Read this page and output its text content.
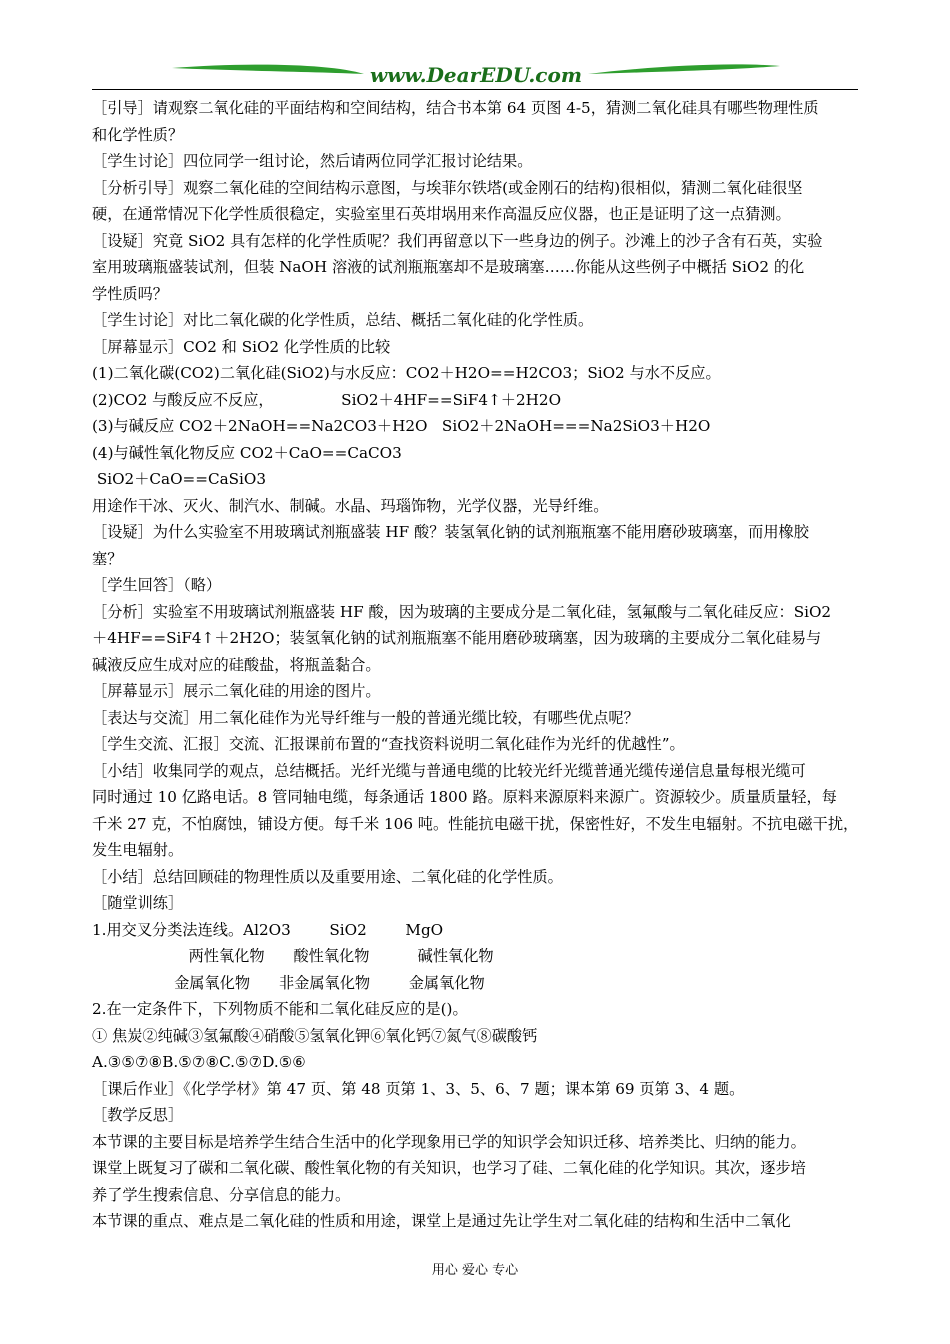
www.DearEDU.com

［引导］请观察二氧化硅的平面结构和空间结构，结合书本第 64 页图 4-5，猜测二氧化硅具有哪些物理性质

和化学性质？

［学生讨论］四位同学一组讨论，然后请两位同学汇报讨论结果。

［分析引导］观察二氧化硅的空间结构示意图，与埃菲尔铁塔(或金刚石的结构)很相似，猜测二氧化硅很坚

硬，在通常情况下化学性质很稳定，实验室里石英坩埚用来作高温反应仪器，也正是证明了这一点猜测。

［设疑］究竟 SiO2 具有怎样的化学性质呢？我们再留意以下一些身边的例子。沙滩上的沙子含有石英，实验

室用玻璃瓶盛装试剂，但装 NaOH 溶液的试剂瓶瓶塞却不是玻璃塞……你能从这些例子中概括 SiO2 的化

学性质吗？

［学生讨论］对比二氧化碳的化学性质，总结、概括二氧化硅的化学性质。

［屏幕显示］CO2 和 SiO2 化学性质的比较

(1)二氧化碳(CO2)二氧化硅(SiO2)与水反应：CO2＋H2O==H2CO3；SiO2 与水不反应。

(2)CO2 与酸反应不反应，              SiO2＋4HF==SiF4↑＋2H2O

(3)与碱反应 CO2＋2NaOH==Na2CO3＋H2O   SiO2＋2NaOH===Na2SiO3＋H2O

(4)与碱性氧化物反应 CO2＋CaO==CaCO3

SiO2＋CaO==CaSiO3

用途作干冰、灭火、制汽水、制碱。水晶、玛瑙饰物，光学仪器，光导纤维。

［设疑］为什么实验室不用玻璃试剂瓶盛装 HF 酸？装氢氧化钠的试剂瓶瓶塞不能用磨砂玻璃塞，而用橡胶

塞？

［学生回答］（略）

［分析］实验室不用玻璃试剂瓶盛装 HF 酸，因为玻璃的主要成分是二氧化硅，氢氟酸与二氧化硅反应：SiO2

＋4HF==SiF4↑＋2H2O；装氢氧化钠的试剂瓶瓶塞不能用磨砂玻璃塞，因为玻璃的主要成分二氧化硅易与

碱液反应生成对应的硅酸盐，将瓶盖黏合。

［屏幕显示］展示二氧化硅的用途的图片。

［表达与交流］用二氧化硅作为光导纤维与一般的普通光缆比较，有哪些优点呢？

［学生交流、汇报］交流、汇报课前布置的“查找资料说明二氧化硅作为光纤的优越性”。

［小结］收集同学的观点，总结概括。光纤光缆与普通电缆的比较光纤光缆普通光缆传递信息量每根光缆可

同时通过 10 亿路电话。8 管同轴电缆，每条通话 1800 路。原料来源原料来源广。资源较少。质量质量轻，每

千米 27 克，不怕腐蚀，铺设方便。每千米 106 吨。性能抗电磁干扰，保密性好，不发生电辐射。不抗电磁干扰，

发生电辐射。

［小结］总结回顾硅的物理性质以及重要用途、二氧化硅的化学性质。

［随堂训练］

1.用交叉分类法连线。Al2O3        SiO2        MgO

两性氧化物      酸性氧化物          碱性氧化物

金属氧化物      非金属氧化物        金属氧化物

2.在一定条件下，下列物质不能和二氧化硅反应的是()。

① 焦炭②纯碱③氢氟酸④硝酸⑤氢氧化钾⑥氧化钙⑦氮气⑧碳酸钙

A.③⑤⑦⑧B.⑤⑦⑧C.⑤⑦D.⑤⑥

［课后作业］《化学学材》第 47 页、第 48 页第 1、3、5、6、7 题；课本第 69 页第 3、4 题。

［教学反思］

本节课的主要目标是培养学生结合生活中的化学现象用已学的知识学会知识迁移、培养类比、归纳的能力。

课堂上既复习了碳和二氧化碳、酸性氧化物的有关知识，也学习了硅、二氧化硅的化学知识。其次，逐步培

养了学生搜索信息、分享信息的能力。

本节课的重点、难点是二氧化硅的性质和用途，课堂上是通过先让学生对二氧化硅的结构和生活中二氧化

用心 爱心 专心
